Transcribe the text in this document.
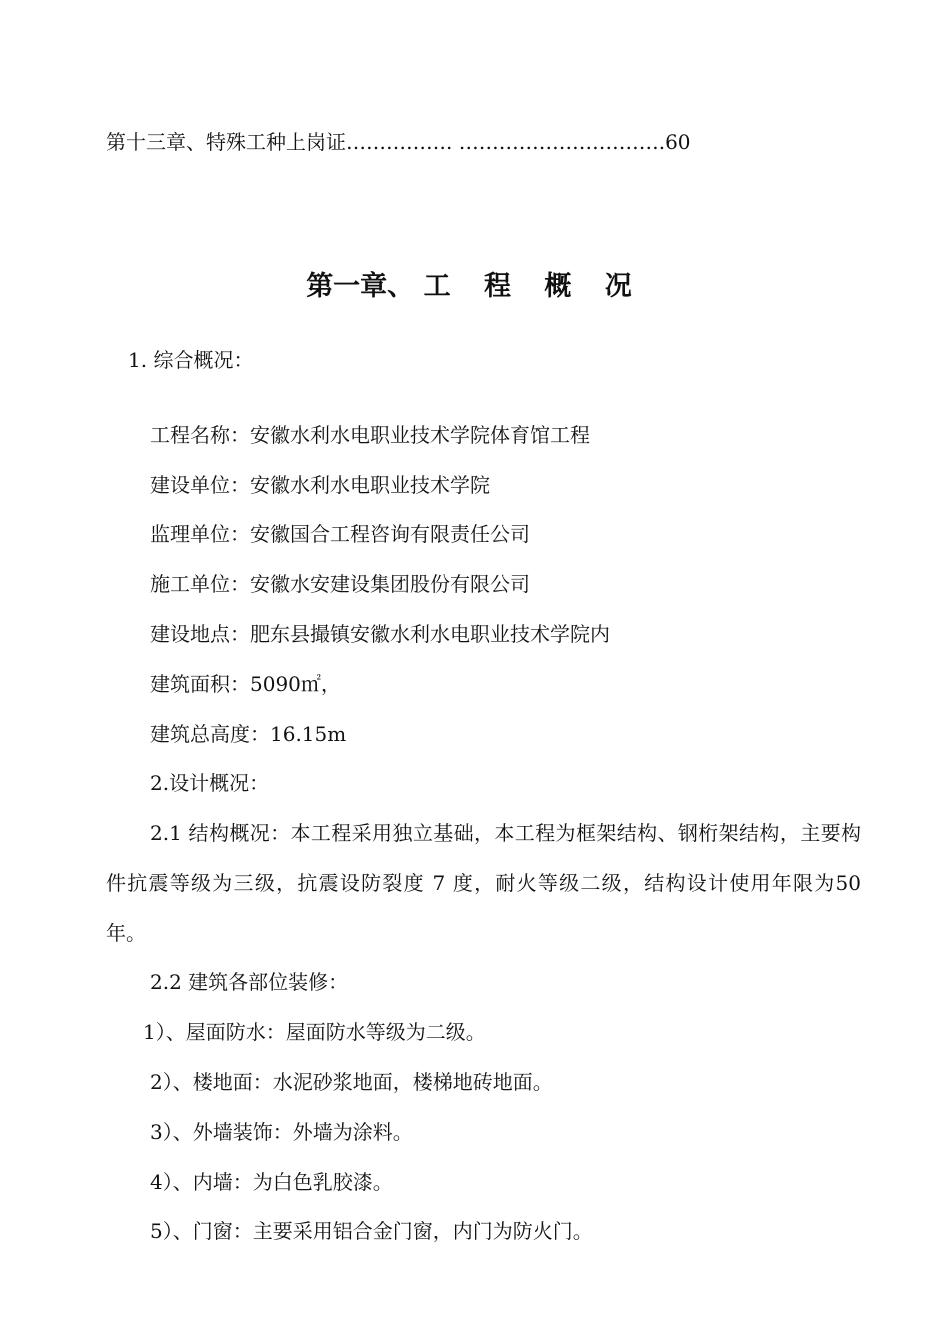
第十三章、特殊工种上岗证……………. ………………………….60
第一章、 工 程 概 况
1. 综合概况：
工程名称：安徽水利水电职业技术学院体育馆工程
建设单位：安徽水利水电职业技术学院
监理单位：安徽国合工程咨询有限责任公司
施工单位：安徽水安建设集团股份有限公司
建设地点：肥东县撮镇安徽水利水电职业技术学院内
建筑面积：5090㎡，
建筑总高度：16.15m
2.设计概况：
2.1 结构概况：本工程采用独立基础，本工程为框架结构、钢桁架结构，主要构件抗震等级为三级，抗震设防裂度 7 度，耐火等级二级，结构设计使用年限为50 年。
2.2 建筑各部位装修：
1）、屋面防水：屋面防水等级为二级。
2）、楼地面：水泥砂浆地面，楼梯地砖地面。
3）、外墙装饰：外墙为涂料。
4）、内墙：为白色乳胶漆。
5）、门窗：主要采用铝合金门窗，内门为防火门。
